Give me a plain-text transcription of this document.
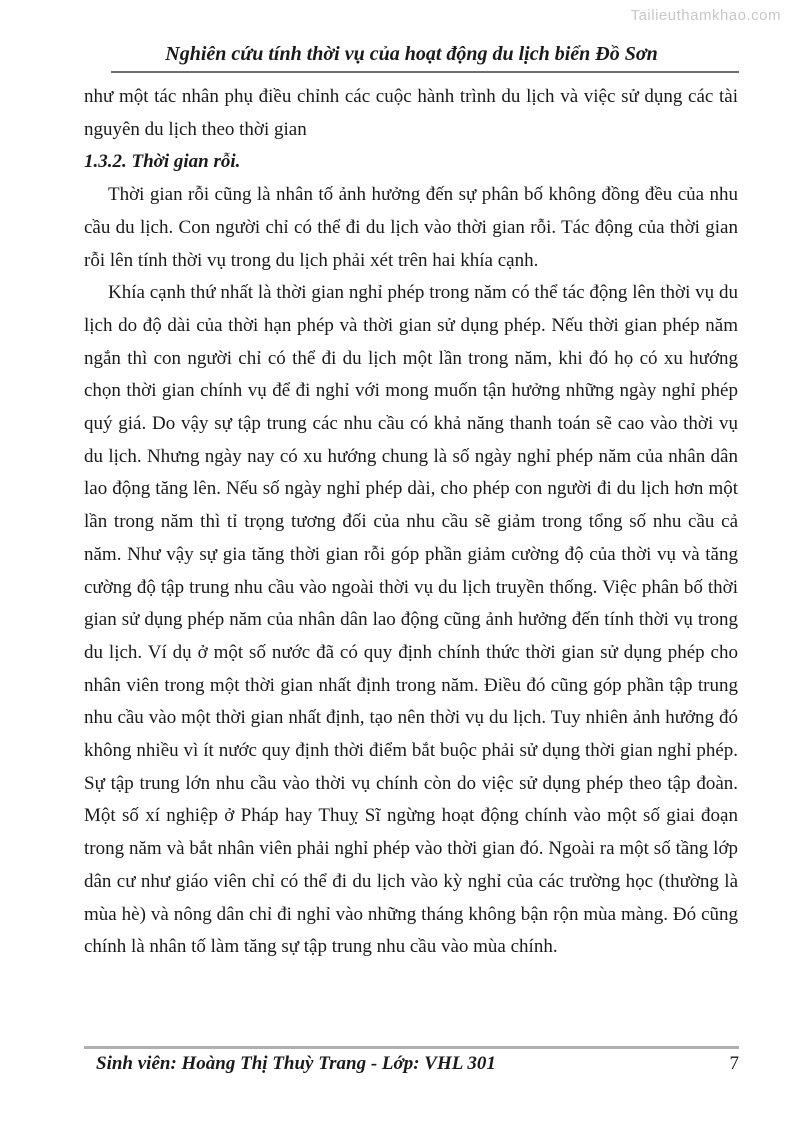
Tailieuthamkhao.com
Nghiên cứu tính thời vụ của hoạt động du lịch biển Đồ Sơn

như một tác nhân phụ điều chỉnh các cuộc hành trình du lịch và việc sử dụng các tài nguyên du lịch theo thời gian

1.3.2. Thời gian rỗi.

Thời gian rỗi cũng là nhân tố ảnh hưởng đến sự phân bố không đồng đều của nhu cầu du lịch. Con người chỉ có thể đi du lịch vào thời gian rỗi. Tác động của thời gian rỗi lên tính thời vụ trong du lịch phải xét trên hai khía cạnh.

Khía cạnh thứ nhất là thời gian nghỉ phép trong năm có thể tác động lên thời vụ du lịch do độ dài của thời hạn phép và thời gian sử dụng phép. Nếu thời gian phép năm ngắn thì con người chỉ có thể đi du lịch một lần trong năm, khi đó họ có xu hướng chọn thời gian chính vụ để đi nghỉ với mong muốn tận hưởng những ngày nghỉ phép quý giá. Do vậy sự tập trung các nhu cầu có khả năng thanh toán sẽ cao vào thời vụ du lịch. Nhưng ngày nay có xu hướng chung là số ngày nghỉ phép năm của nhân dân lao động tăng lên. Nếu số ngày nghỉ phép dài, cho phép con người đi du lịch hơn một lần trong năm thì tỉ trọng tương đối của nhu cầu sẽ giảm trong tổng số nhu cầu cả năm. Như vậy sự gia tăng thời gian rỗi góp phần giảm cường độ của thời vụ và tăng cường độ tập trung nhu cầu vào ngoài thời vụ du lịch truyền thống. Việc phân bố thời gian sử dụng phép năm của nhân dân lao động cũng ảnh hưởng đến tính thời vụ trong du lịch. Ví dụ ở một số nước đã có quy định chính thức thời gian sử dụng phép cho nhân viên trong một thời gian nhất định trong năm. Điều đó cũng góp phần tập trung nhu cầu vào một thời gian nhất định, tạo nên thời vụ du lịch. Tuy nhiên ảnh hưởng đó không nhiều vì ít nước quy định thời điểm bắt buộc phải sử dụng thời gian nghỉ phép. Sự tập trung lớn nhu cầu vào thời vụ chính còn do việc sử dụng phép theo tập đoàn. Một số xí nghiệp ở Pháp hay Thuỵ Sĩ ngừng hoạt động chính vào một số giai đoạn trong năm và bắt nhân viên phải nghỉ phép vào thời gian đó. Ngoài ra một số tầng lớp dân cư như giáo viên chỉ có thể đi du lịch vào kỳ nghỉ của các trường học (thường là mùa hè) và nông dân chỉ đi nghỉ vào những tháng không bận rộn mùa màng. Đó cũng chính là nhân tố làm tăng sự tập trung nhu cầu vào mùa chính.

Sinh viên: Hoàng Thị Thuỳ Trang - Lớp: VHL 301	7
